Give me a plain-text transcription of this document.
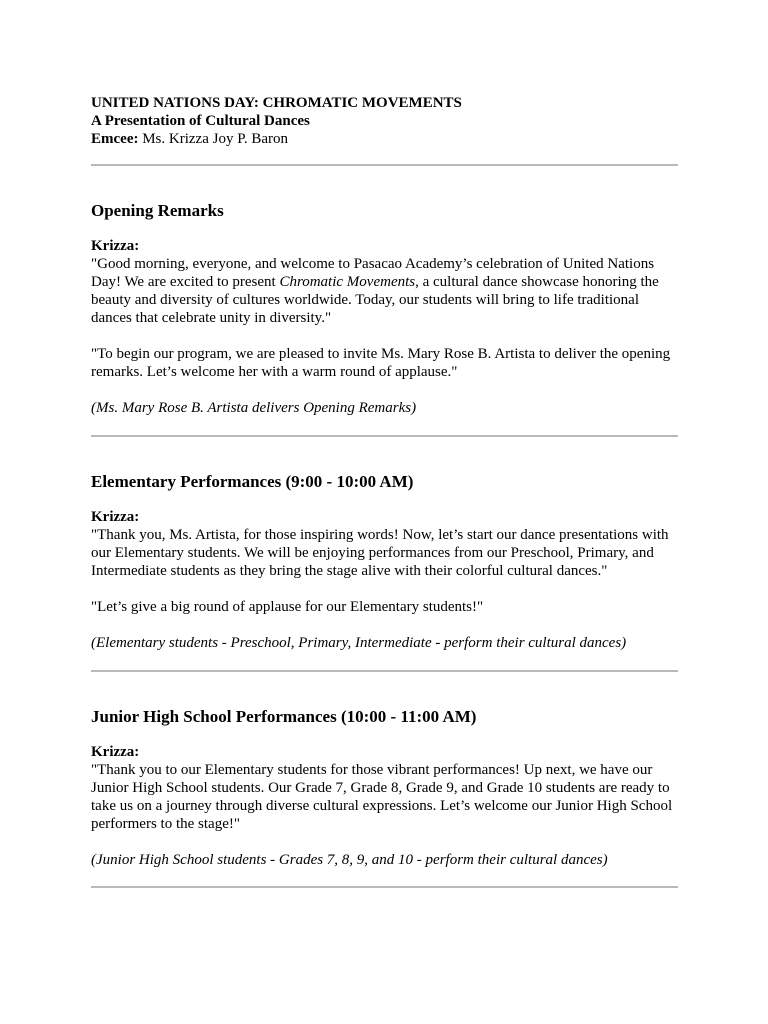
UNITED NATIONS DAY: CHROMATIC MOVEMENTS
A Presentation of Cultural Dances
Emcee: Ms. Krizza Joy P. Baron
Opening Remarks
Krizza:

"Good morning, everyone, and welcome to Pasacao Academy’s celebration of United Nations Day! We are excited to present Chromatic Movements, a cultural dance showcase honoring the beauty and diversity of cultures worldwide. Today, our students will bring to life traditional dances that celebrate unity in diversity."

"To begin our program, we are pleased to invite Ms. Mary Rose B. Artista to deliver the opening remarks. Let’s welcome her with a warm round of applause."

(Ms. Mary Rose B. Artista delivers Opening Remarks)

Elementary Performances (9:00 - 10:00 AM)
Krizza:

"Thank you, Ms. Artista, for those inspiring words! Now, let’s start our dance presentations with our Elementary students. We will be enjoying performances from our Preschool, Primary, and Intermediate students as they bring the stage alive with their colorful cultural dances."

"Let’s give a big round of applause for our Elementary students!"

(Elementary students - Preschool, Primary, Intermediate - perform their cultural dances)

Junior High School Performances (10:00 - 11:00 AM)
Krizza:

"Thank you to our Elementary students for those vibrant performances! Up next, we have our Junior High School students. Our Grade 7, Grade 8, Grade 9, and Grade 10 students are ready to take us on a journey through diverse cultural expressions. Let’s welcome our Junior High School performers to the stage!"

(Junior High School students - Grades 7, 8, 9, and 10 - perform their cultural dances)
